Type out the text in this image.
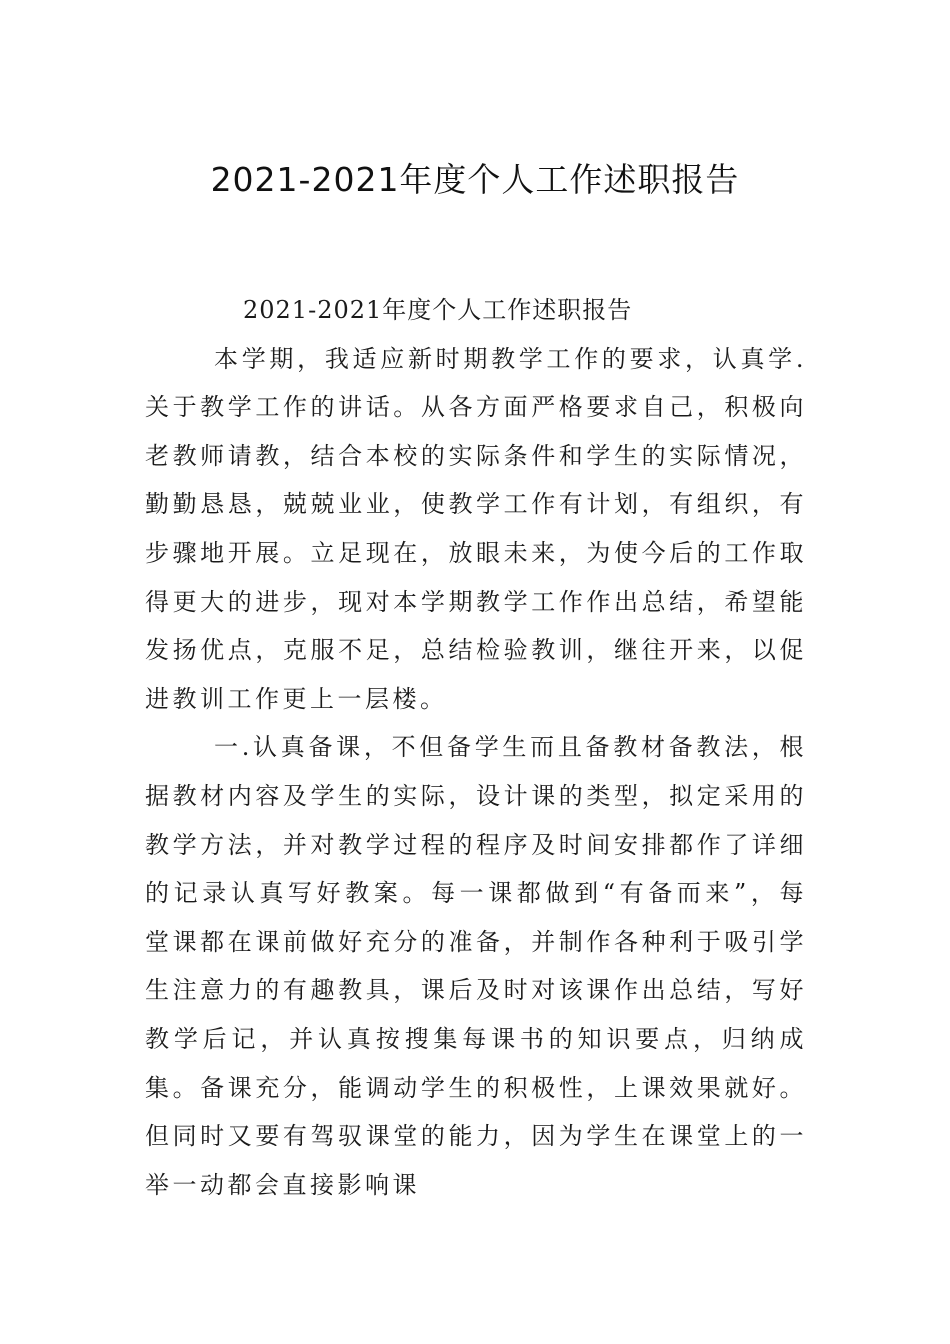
2021-2021年度个人工作述职报告

2021-2021年度个人工作述职报告

本学期，我适应新时期教学工作的要求，认真学.关于教学工作的讲话。从各方面严格要求自己，积极向老教师请教，结合本校的实际条件和学生的实际情况，勤勤恳恳，兢兢业业，使教学工作有计划，有组织，有步骤地开展。立足现在，放眼未来，为使今后的工作取得更大的进步，现对本学期教学工作作出总结，希望能发扬优点，克服不足，总结检验教训，继往开来，以促进教训工作更上一层楼。

一.认真备课，不但备学生而且备教材备教法，根据教材内容及学生的实际，设计课的类型，拟定采用的教学方法，并对教学过程的程序及时间安排都作了详细的记录认真写好教案。每一课都做到“有备而来”，每堂课都在课前做好充分的准备，并制作各种利于吸引学生注意力的有趣教具，课后及时对该课作出总结，写好教学后记，并认真按搜集每课书的知识要点，归纳成集。备课充分，能调动学生的积极性，上课效果就好。但同时又要有驾驭课堂的能力，因为学生在课堂上的一举一动都会直接影响课
